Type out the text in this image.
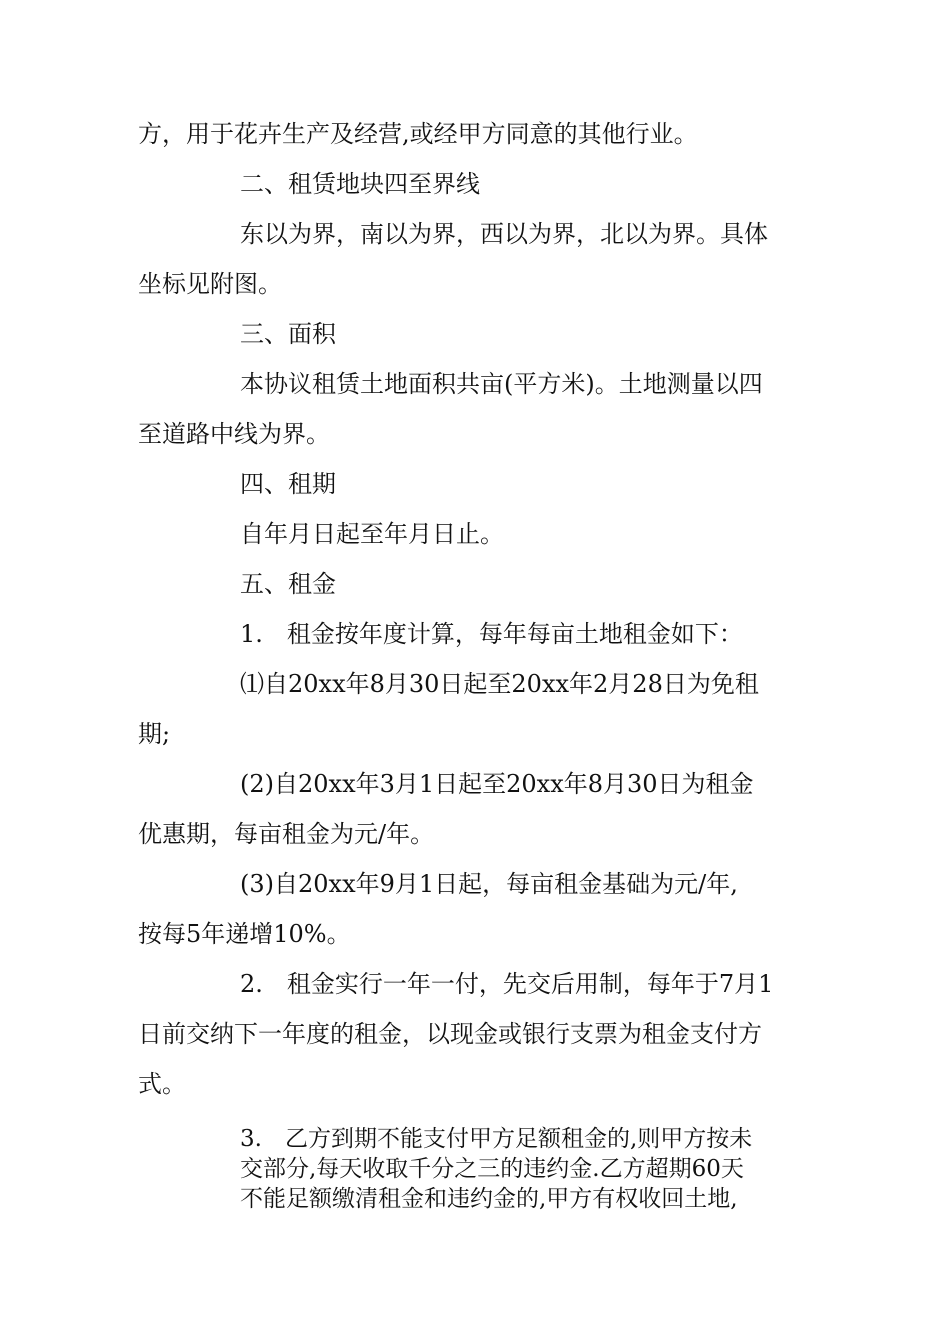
方，用于花卉生产及经营,或经甲方同意的其他行业。
二、租赁地块四至界线
东以为界，南以为界，西以为界，北以为界。具体
坐标见附图。
三、面积
本协议租赁土地面积共亩(平方米)。土地测量以四
至道路中线为界。
四、租期
自年月日起至年月日止。
五、租金
1.　租金按年度计算，每年每亩土地租金如下：
⑴自20xx年8月30日起至20xx年2月28日为免租
期;
(2)自20xx年3月1日起至20xx年8月30日为租金
优惠期，每亩租金为元/年。
(3)自20xx年9月1日起，每亩租金基础为元/年,
按每5年递增10%。
2.　租金实行一年一付，先交后用制，每年于7月1
日前交纳下一年度的租金，以现金或银行支票为租金支付方
式。
3.　乙方到期不能支付甲方足额租金的,则甲方按未
交部分,每天收取千分之三的违约金.乙方超期60天
不能足额缴清租金和违约金的,甲方有权收回土地,
